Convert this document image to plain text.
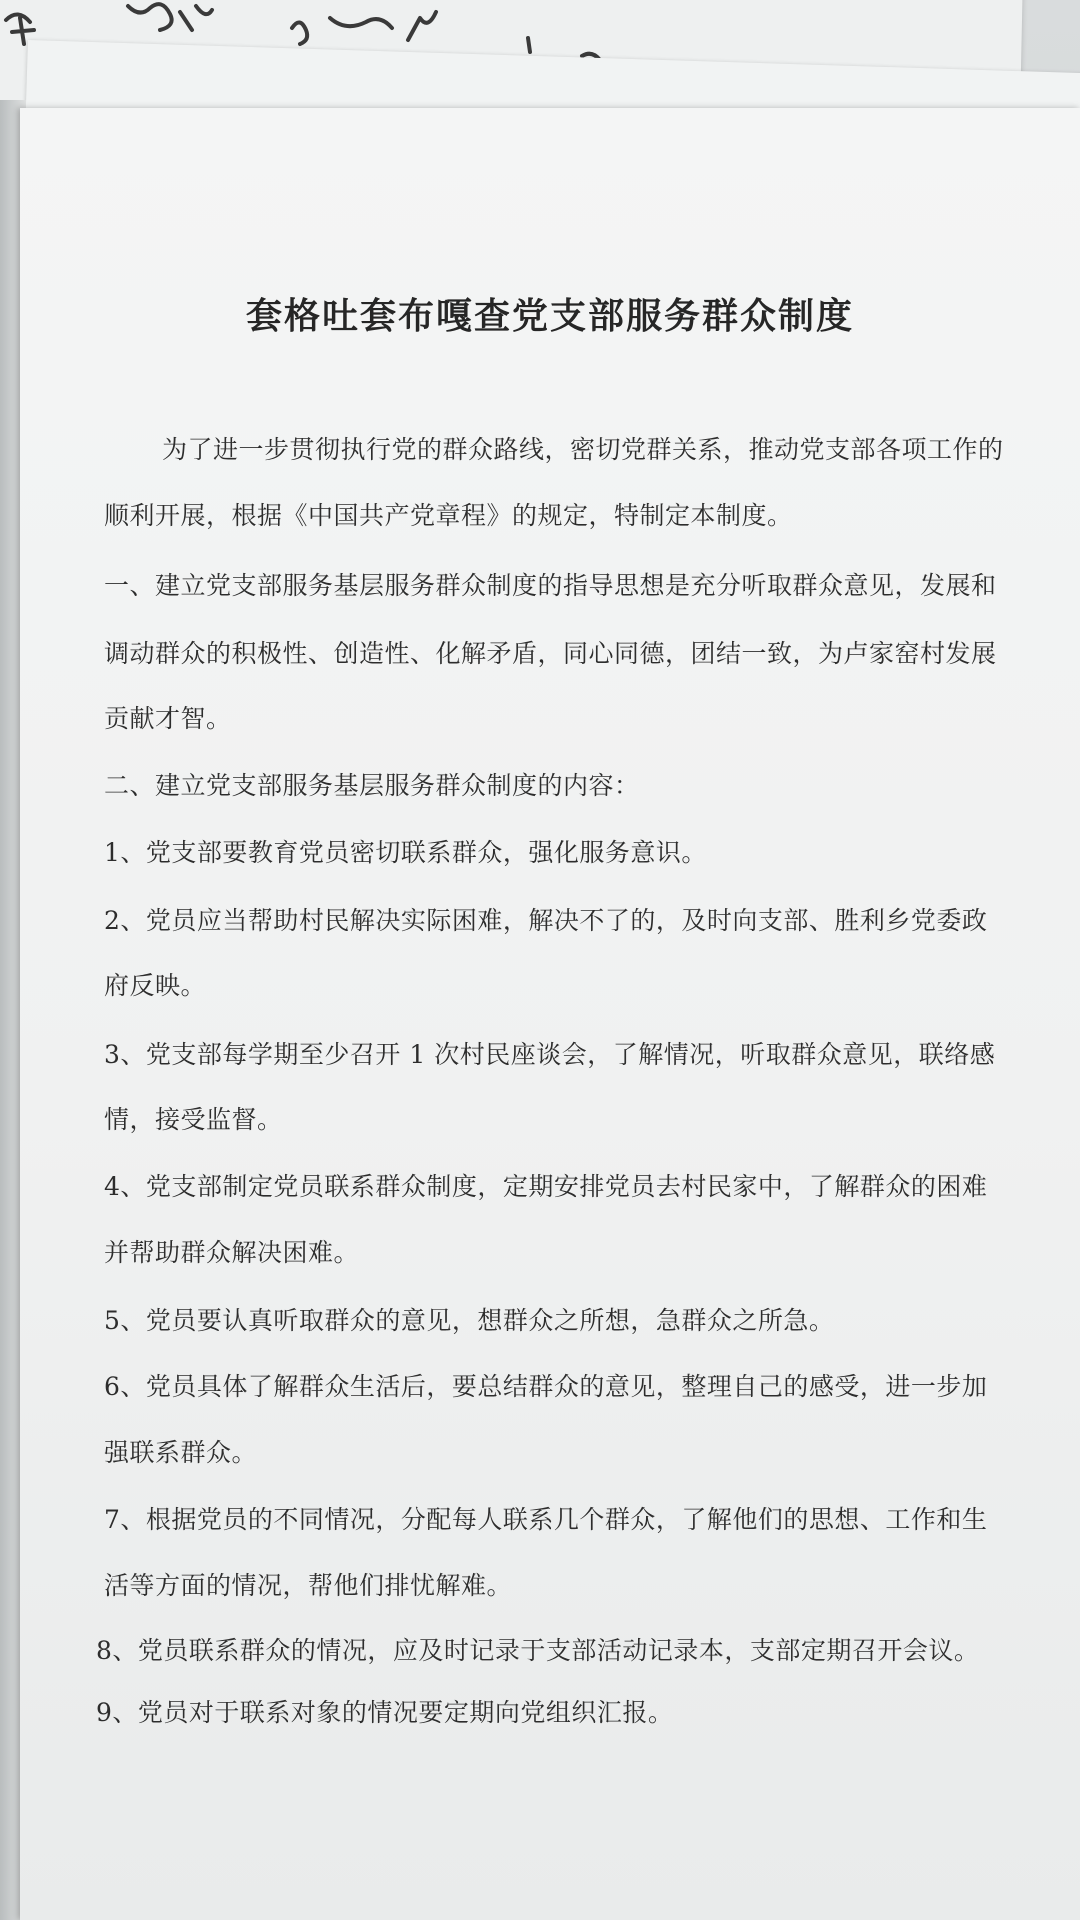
套格吐套布嘎查党支部服务群众制度

为了进一步贯彻执行党的群众路线，密切党群关系，推动党支部各项工作的

顺利开展，根据《中国共产党章程》的规定，特制定本制度。

一、建立党支部服务基层服务群众制度的指导思想是充分听取群众意见，发展和

调动群众的积极性、创造性、化解矛盾，同心同德，团结一致，为卢家窑村发展

贡献才智。

二、建立党支部服务基层服务群众制度的内容：

1、党支部要教育党员密切联系群众，强化服务意识。

2、党员应当帮助村民解决实际困难，解决不了的，及时向支部、胜利乡党委政

府反映。

3、党支部每学期至少召开 1 次村民座谈会，了解情况，听取群众意见，联络感

情，接受监督。

4、党支部制定党员联系群众制度，定期安排党员去村民家中，了解群众的困难

并帮助群众解决困难。

5、党员要认真听取群众的意见，想群众之所想，急群众之所急。

6、党员具体了解群众生活后，要总结群众的意见，整理自己的感受，进一步加

强联系群众。

7、根据党员的不同情况，分配每人联系几个群众，了解他们的思想、工作和生

活等方面的情况，帮他们排忧解难。

8、党员联系群众的情况，应及时记录于支部活动记录本，支部定期召开会议。

9、党员对于联系对象的情况要定期向党组织汇报。
